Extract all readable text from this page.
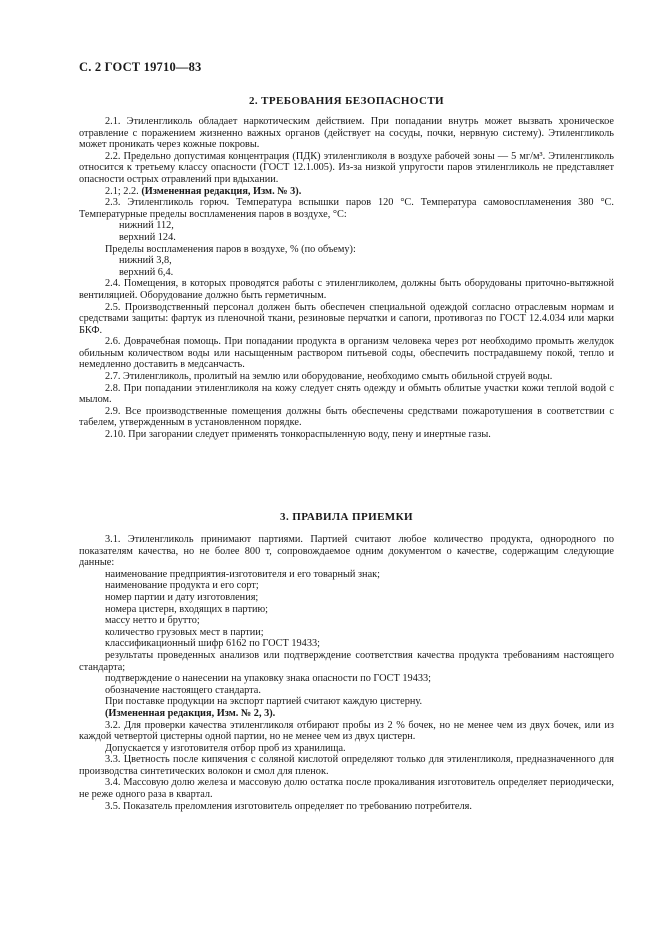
С. 2 ГОСТ 19710—83
2. ТРЕБОВАНИЯ БЕЗОПАСНОСТИ

2.1. Этиленгликоль обладает наркотическим действием. При попадании внутрь может вызвать хроническое отравление с поражением жизненно важных органов (действует на сосуды, почки, нервную систему). Этиленгликоль может проникать через кожные покровы.

2.2. Предельно допустимая концентрация (ПДК) этиленгликоля в воздухе рабочей зоны — 5 мг/м³. Этиленгликоль относится к третьему классу опасности (ГОСТ 12.1.005). Из-за низкой упругости паров этиленгликоль не представляет опасности острых отравлений при вдыхании.

2.1; 2.2. (Измененная редакция, Изм. № 3).

2.3. Этиленгликоль горюч. Температура вспышки паров 120 °С. Температура самовоспламенения 380 °С. Температурные пределы воспламенения паров в воздухе, °С:

нижний 112,

верхний 124.

Пределы воспламенения паров в воздухе, % (по объему):

нижний 3,8,

верхний 6,4.

2.4. Помещения, в которых проводятся работы с этиленгликолем, должны быть оборудованы приточно-вытяжной вентиляцией. Оборудование должно быть герметичным.

2.5. Производственный персонал должен быть обеспечен специальной одеждой согласно отраслевым нормам и средствами защиты: фартук из пленочной ткани, резиновые перчатки и сапоги, противогаз по ГОСТ 12.4.034 или марки БКФ.

2.6. Доврачебная помощь. При попадании продукта в организм человека через рот необходимо промыть желудок обильным количеством воды или насыщенным раствором питьевой соды, обеспечить пострадавшему покой, тепло и немедленно доставить в медсанчасть.

2.7. Этиленгликоль, пролитый на землю или оборудование, необходимо смыть обильной струей воды.

2.8. При попадании этиленгликоля на кожу следует снять одежду и обмыть облитые участки кожи теплой водой с мылом.

2.9. Все производственные помещения должны быть обеспечены средствами пожаротушения в соответствии с табелем, утвержденным в установленном порядке.

2.10. При загорании следует применять тонкораспыленную воду, пену и инертные газы.

3. ПРАВИЛА ПРИЕМКИ

3.1. Этиленгликоль принимают партиями. Партией считают любое количество продукта, однородного по показателям качества, но не более 800 т, сопровождаемое одним документом о качестве, содержащим следующие данные:

наименование предприятия-изготовителя и его товарный знак;

наименование продукта и его сорт;

номер партии и дату изготовления;

номера цистерн, входящих в партию;

массу нетто и брутто;

количество грузовых мест в партии;

классификационный шифр 6162 по ГОСТ 19433;

результаты проведенных анализов или подтверждение соответствия качества продукта требованиям настоящего стандарта;

подтверждение о нанесении на упаковку знака опасности по ГОСТ 19433;

обозначение настоящего стандарта.

При поставке продукции на экспорт партией считают каждую цистерну.

(Измененная редакция, Изм. № 2, 3).

3.2. Для проверки качества этиленгликоля отбирают пробы из 2 % бочек, но не менее чем из двух бочек, или из каждой четвертой цистерны одной партии, но не менее чем из двух цистерн.

Допускается у изготовителя отбор проб из хранилища.

3.3. Цветность после кипячения с соляной кислотой определяют только для этиленгликоля, предназначенного для производства синтетических волокон и смол для пленок.

3.4. Массовую долю железа и массовую долю остатка после прокаливания изготовитель определяет периодически, не реже одного раза в квартал.

3.5. Показатель преломления изготовитель определяет по требованию потребителя.
